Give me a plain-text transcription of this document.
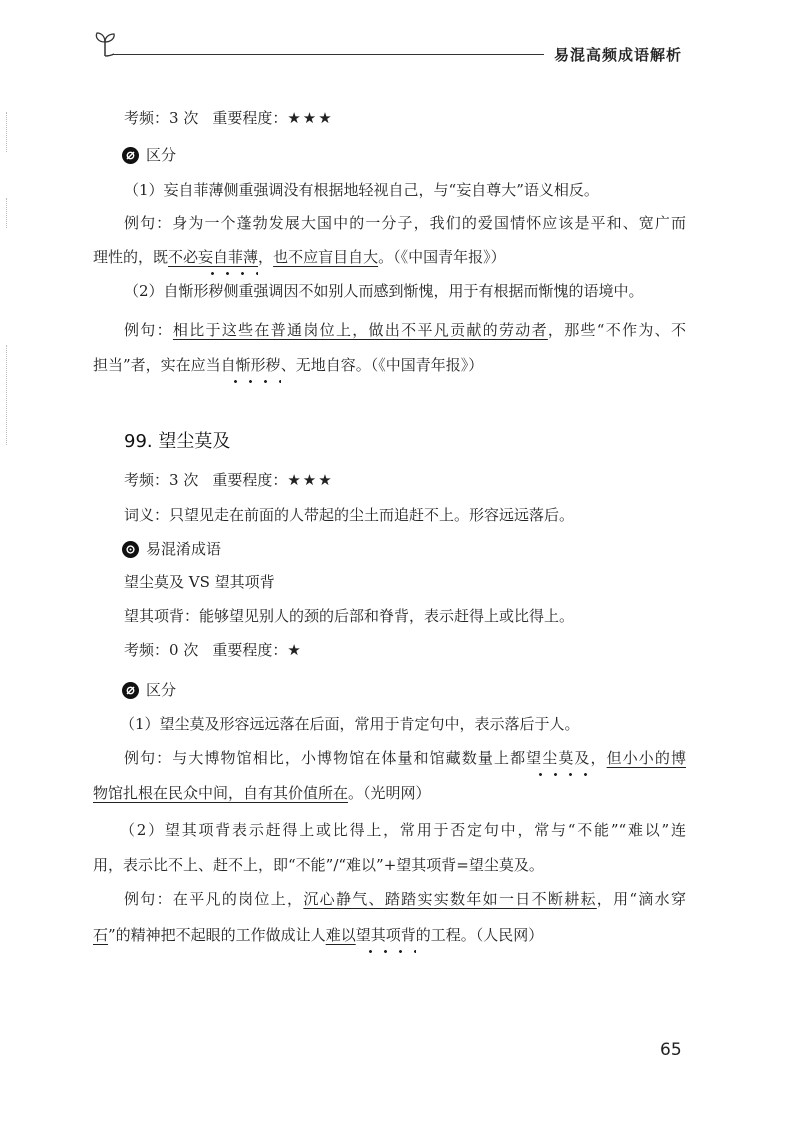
易混高频成语解析
考频：3 次 重要程度：★★★
区分
（1）妄自菲薄侧重强调没有根据地轻视自己，与“妄自尊大”语义相反。
例句：身为一个蓬勃发展大国中的一分子，我们的爱国情怀应该是平和、宽广而
理性的，既不必妄自菲薄，也不应盲目自大。（《中国青年报》）
（2）自惭形秽侧重强调因不如别人而感到惭愧，用于有根据而惭愧的语境中。
例句：相比于这些在普通岗位上，做出不平凡贡献的劳动者，那些“不作为、不
担当”者，实在应当自惭形秽、无地自容。（《中国青年报》）
99. 望尘莫及
考频：3 次 重要程度：★★★
词义：只望见走在前面的人带起的尘土而追赶不上。形容远远落后。
易混淆成语
望尘莫及 VS 望其项背
望其项背：能够望见别人的颈的后部和脊背，表示赶得上或比得上。
考频：0 次 重要程度：★
区分
（1）望尘莫及形容远远落在后面，常用于肯定句中，表示落后于人。
例句：与大博物馆相比，小博物馆在体量和馆藏数量上都望尘莫及，但小小的博
物馆扎根在民众中间，自有其价值所在。（光明网）
（2）望其项背表示赶得上或比得上，常用于否定句中，常与“不能”“难以”连
用，表示比不上、赶不上，即“不能”/“难以”+望其项背=望尘莫及。
例句：在平凡的岗位上，沉心静气、踏踏实实数年如一日不断耕耘，用“滴水穿
石”的精神把不起眼的工作做成让人难以望其项背的工程。（人民网）
65
